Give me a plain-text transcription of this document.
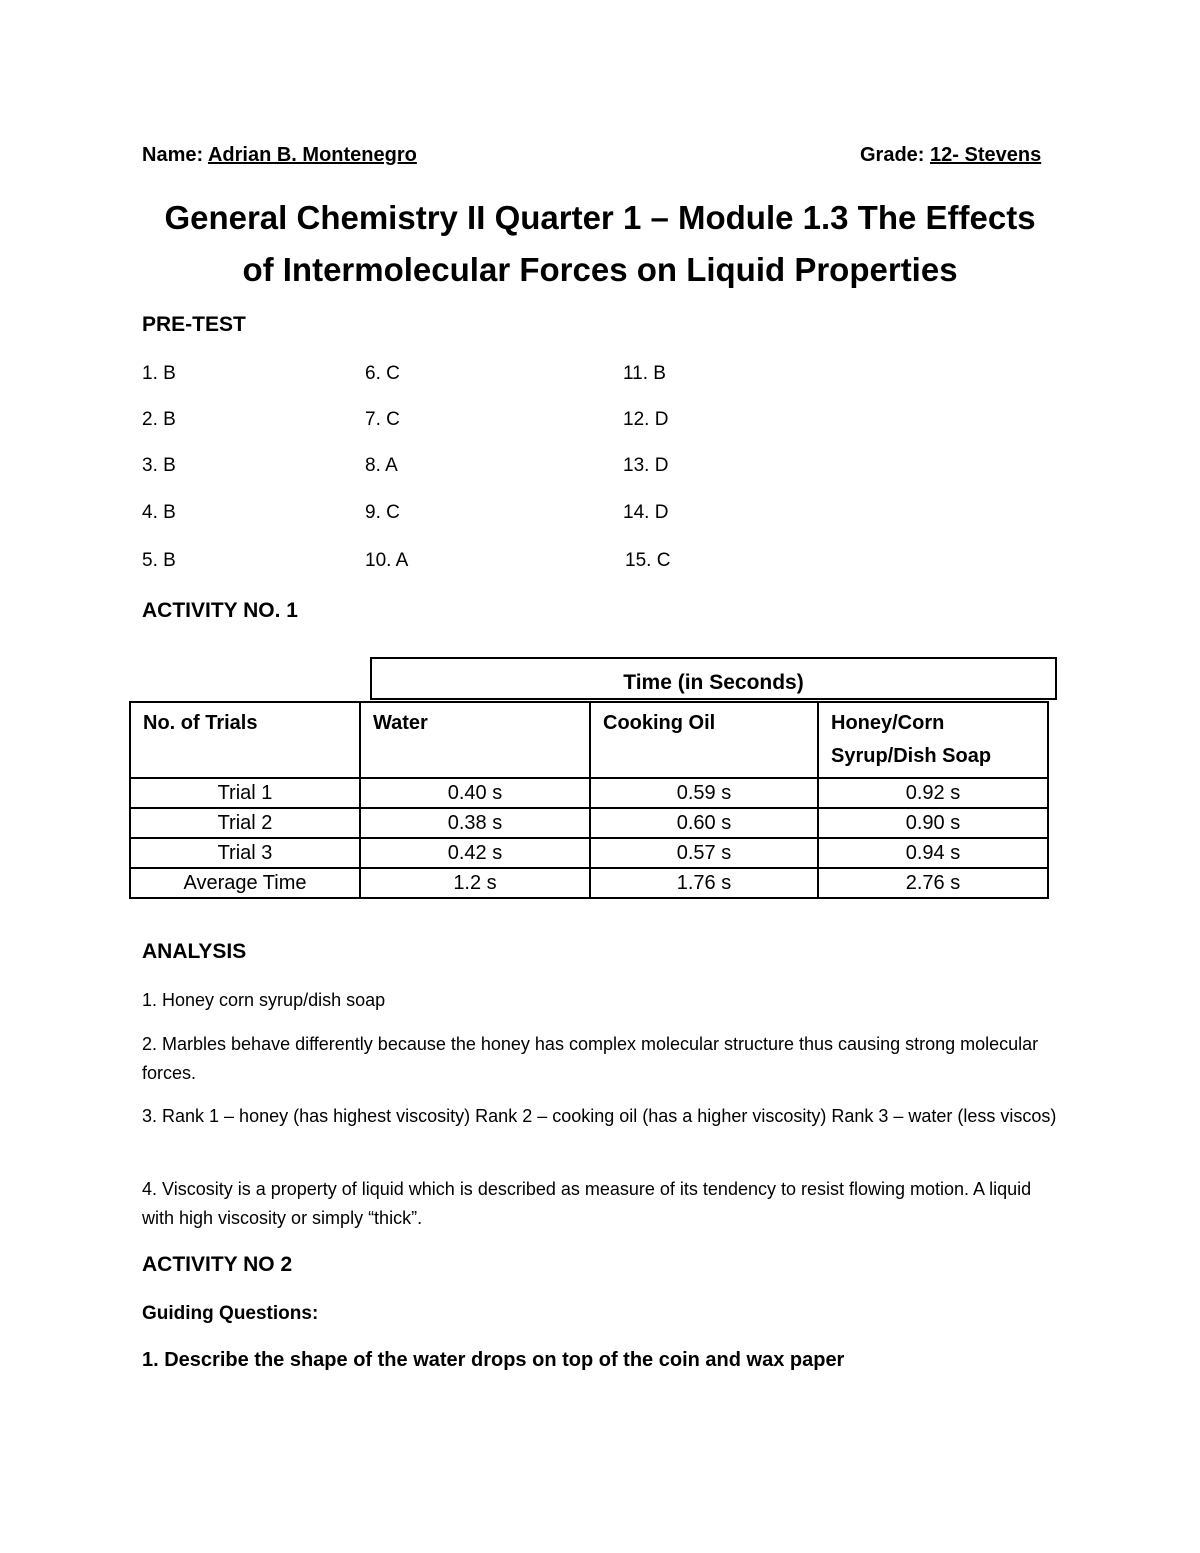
Name: Adrian B. Montenegro	Grade: 12- Stevens
General Chemistry II Quarter 1 – Module 1.3 The Effects
of Intermolecular Forces on Liquid Properties
PRE-TEST
1. B
2. B
3. B
4. B
5. B
6. C
7. C
8. A
9. C
10. A
11. B
12. D
13. D
14. D
15. C
ACTIVITY NO. 1
Time (in Seconds)
No. of Trials	Water	Cooking Oil	Honey/Corn Syrup/Dish Soap
Trial 1	0.40 s	0.59 s	0.92 s
Trial 2	0.38 s	0.60 s	0.90 s
Trial 3	0.42 s	0.57 s	0.94 s
Average Time	1.2 s	1.76 s	2.76 s
ANALYSIS
1. Honey corn syrup/dish soap
2. Marbles behave differently because the honey has complex molecular structure thus causing strong molecular forces.
3. Rank 1 – honey (has highest viscosity) Rank 2 – cooking oil (has a higher viscosity) Rank 3 – water (less viscos)
4. Viscosity is a property of liquid which is described as measure of its tendency to resist flowing motion. A liquid with high viscosity or simply “thick”.
ACTIVITY NO 2
Guiding Questions:
1. Describe the shape of the water drops on top of the coin and wax paper
